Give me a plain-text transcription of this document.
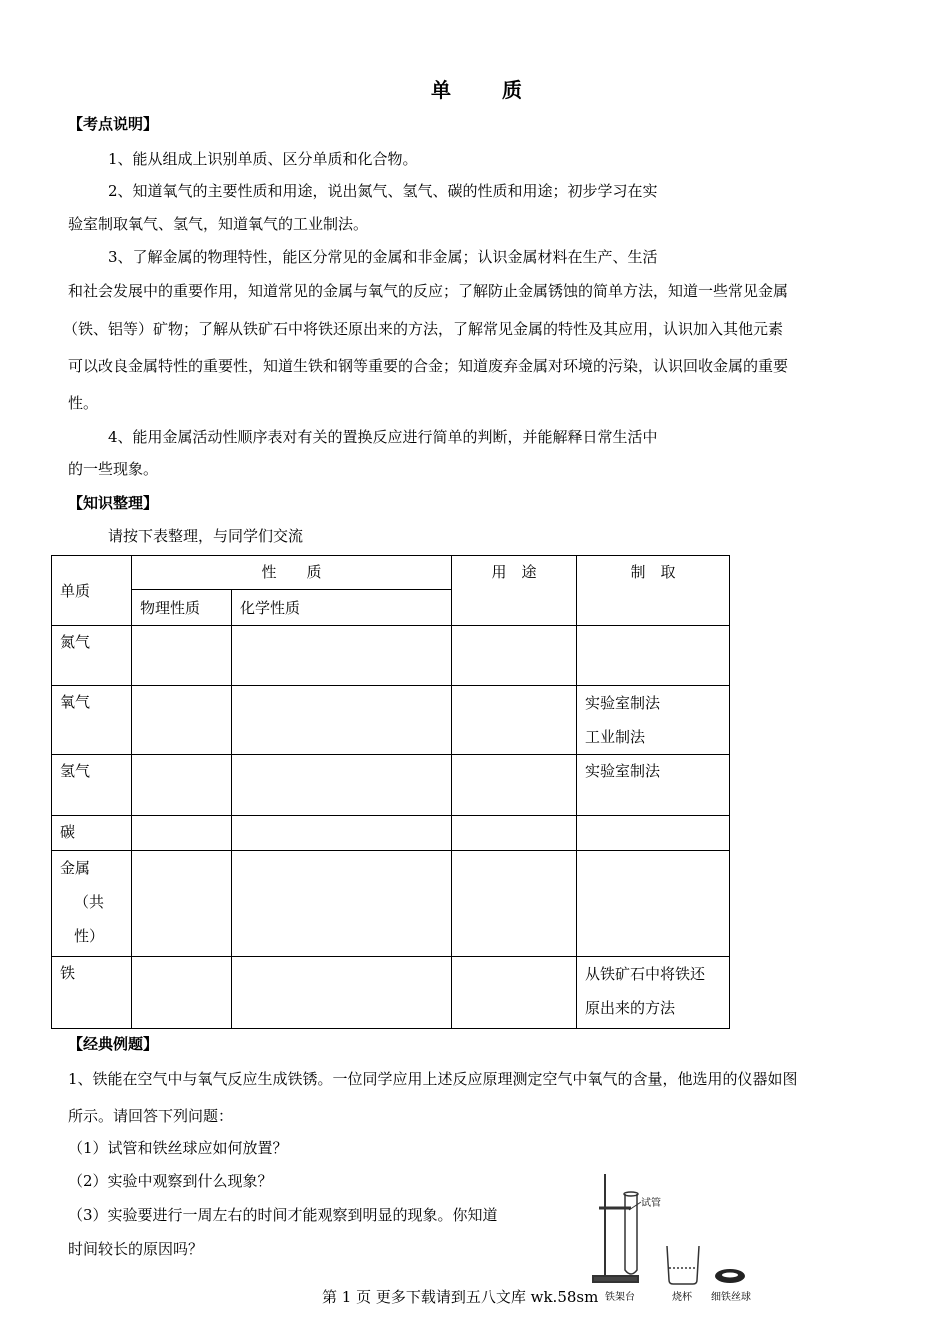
单	质
【考点说明】
1、能从组成上识别单质、区分单质和化合物。
2、知道氧气的主要性质和用途，说出氮气、氢气、碳的性质和用途；初步学习在实
验室制取氧气、氢气，知道氧气的工业制法。
3、了解金属的物理特性，能区分常见的金属和非金属；认识金属材料在生产、生活
和社会发展中的重要作用，知道常见的金属与氧气的反应；了解防止金属锈蚀的简单方法，知道一些常见金属
（铁、铝等）矿物；了解从铁矿石中将铁还原出来的方法，了解常见金属的特性及其应用，认识加入其他元素
可以改良金属特性的重要性，知道生铁和钢等重要的合金；知道废弃金属对环境的污染，认识回收金属的重要
性。
4、能用金属活动性顺序表对有关的置换反应进行简单的判断，并能解释日常生活中
的一些现象。
【知识整理】
请按下表整理，与同学们交流
单质	性　　质		用　途	制　取
	物理性质	化学性质		
氮气				
氧气				实验室制法
工业制法

氢气				实验室制法
碳				

金属
（共
性）				

铁				从铁矿石中将铁还
原出来的方法
【经典例题】
1、铁能在空气中与氧气反应生成铁锈。一位同学应用上述反应原理测定空气中氧气的含量，他选用的仪器如图
所示。请回答下列问题：
（1）试管和铁丝球应如何放置？
（2）实验中观察到什么现象？
（3）实验要进行一周左右的时间才能观察到明显的现象。你知道
时间较长的原因吗？
试管
铁架台	烧杯 细铁丝球
第 1 页 更多下载请到五八文库 wk.58sm
